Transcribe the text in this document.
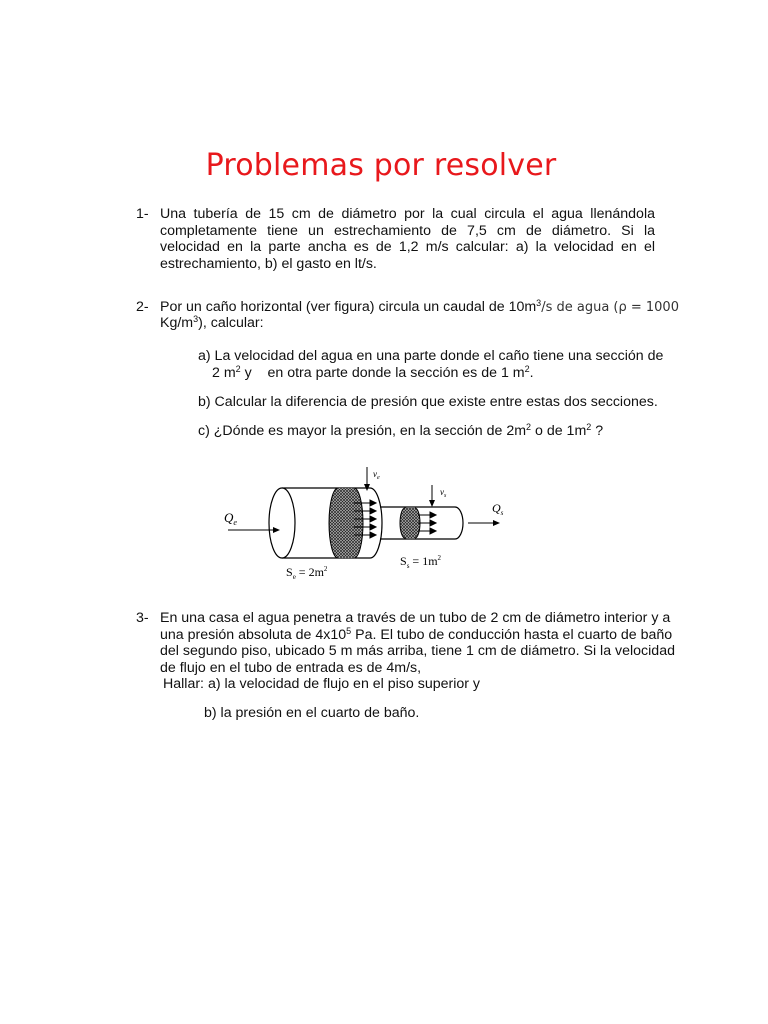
Problemas por resolver
1- Una tubería de 15 cm de diámetro por la cual circula el agua llenándola completamente tiene un estrechamiento de 7,5 cm de diámetro. Si la velocidad en la parte ancha es de 1,2 m/s calcular: a) la velocidad en el estrechamiento, b) el gasto en lt/s.
2- Por un caño horizontal (ver figura) circula un caudal de $10m^3/s$ de agua (ρ = 1000
$Kg/m^3$), calcular:
a) La velocidad del agua en una parte donde el caño tiene una sección de
2 $m^2$ y    en otra parte donde la sección es de 1 $m^2$.
b) Calcular la diferencia de presión que existe entre estas dos secciones.
c) ¿Dónde es mayor la presión, en la sección de $2m^2$ o de $1m^2$ ?
$Q_e$
$Q_s$
$v_e$
$v_s$
$S_e = 2m^2$
$S_s = 1m^2$
3- En una casa el agua penetra a través de un tubo de 2 cm de diámetro interior y a
una presión absoluta de $4x10^5$ Pa. El tubo de conducción hasta el cuarto de baño
del segundo piso, ubicado 5 m más arriba, tiene 1 cm de diámetro. Si la velocidad
de flujo en el tubo de entrada es de 4m/s,
Hallar: a) la velocidad de flujo en el piso superior y
b) la presión en el cuarto de baño.
